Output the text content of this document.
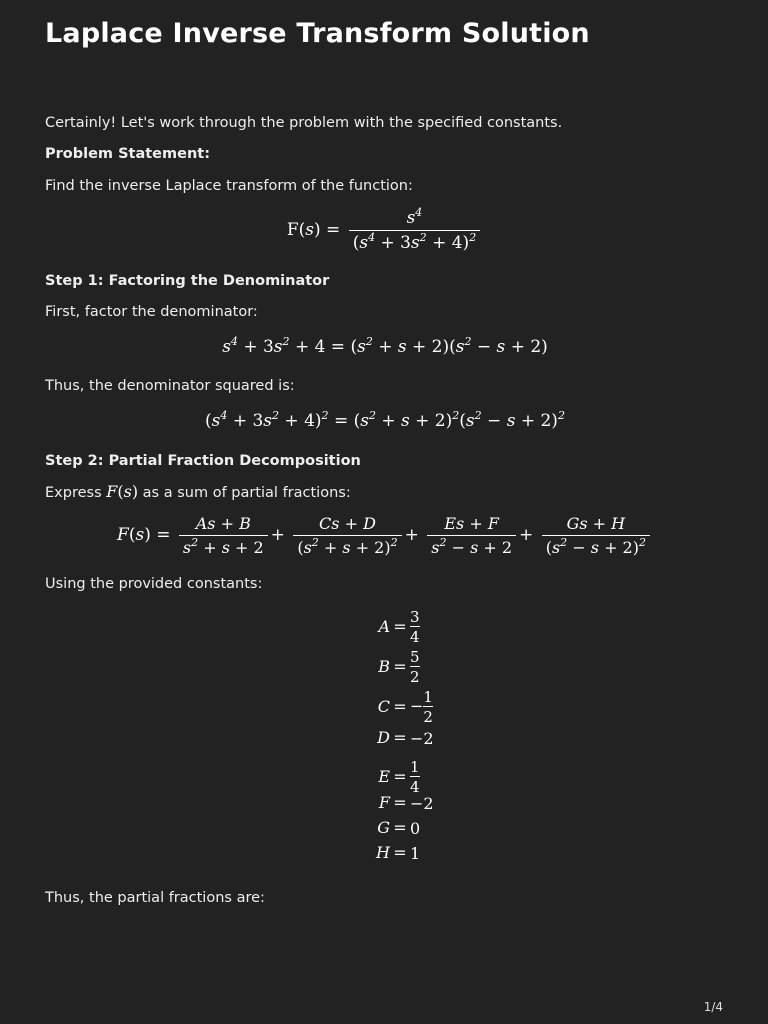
Laplace Inverse Transform Solution

Certainly! Let's work through the problem with the specified constants.

Problem Statement:

Find the inverse Laplace transform of the function:

$F(s) = \frac{s^4}{(s^4 + 3s^2 + 4)^2}$

Step 1: Factoring the Denominator

First, factor the denominator:

$s^4 + 3s^2 + 4 = (s^2 + s + 2)(s^2 - s + 2)$

Thus, the denominator squared is:

$(s^4 + 3s^2 + 4)^2 = (s^2 + s + 2)^2(s^2 - s + 2)^2$

Step 2: Partial Fraction Decomposition

Express F(s) as a sum of partial fractions:

$F(s) = \frac{As + B}{s^2 + s + 2} + \frac{Cs + D}{(s^2 + s + 2)^2} + \frac{Es + F}{s^2 - s + 2} + \frac{Gs + H}{(s^2 - s + 2)^2}$

Using the provided constants:

$A = \frac{3}{4}$
$B = \frac{5}{2}$
C = − $\frac{1}{2}$
D = −2
$E = \frac{1}{4}$
F = −2
G = 0
H = 1

Thus, the partial fractions are:

1/4
